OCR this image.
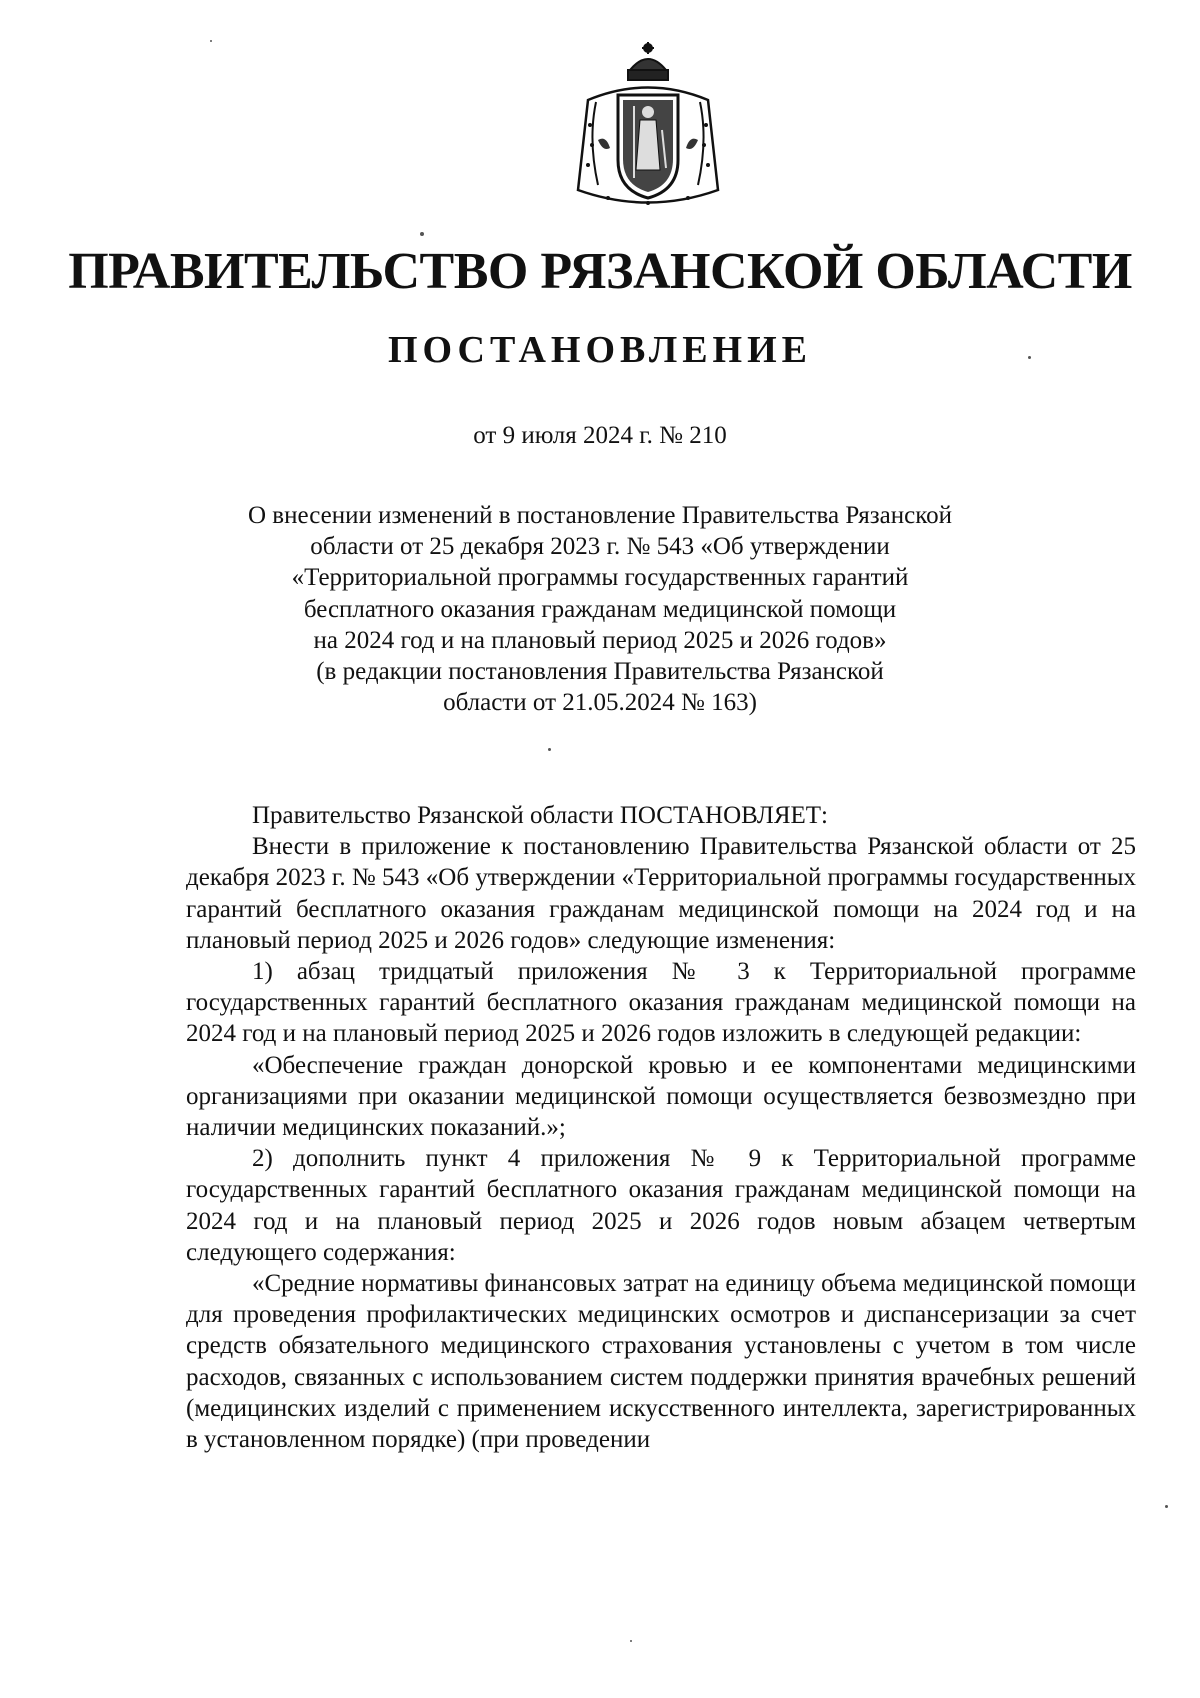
ПРАВИТЕЛЬСТВО РЯЗАНСКОЙ ОБЛАСТИ
ПОСТАНОВЛЕНИЕ
от 9 июля 2024 г. № 210
О внесении изменений в постановление Правительства Рязанской
области от 25 декабря 2023 г. № 543 «Об утверждении
«Территориальной программы государственных гарантий
бесплатного оказания гражданам медицинской помощи
на 2024 год и на плановый период 2025 и 2026 годов»
(в редакции постановления Правительства Рязанской
области от 21.05.2024 № 163)

Правительство Рязанской области ПОСТАНОВЛЯЕТ:

Внести в приложение к постановлению Правительства Рязанской области от 25 декабря 2023 г. № 543 «Об утверждении «Территориальной программы государственных гарантий бесплатного оказания гражданам медицинской помощи на 2024 год и на плановый период 2025 и 2026 годов» следующие изменения:

1) абзац тридцатый приложения № 3 к Территориальной программе государственных гарантий бесплатного оказания гражданам медицинской помощи на 2024 год и на плановый период 2025 и 2026 годов изложить в следующей редакции:

«Обеспечение граждан донорской кровью и ее компонентами медицинскими организациями при оказании медицинской помощи осуществляется безвозмездно при наличии медицинских показаний.»;

2) дополнить пункт 4 приложения № 9 к Территориальной программе государственных гарантий бесплатного оказания гражданам медицинской помощи на 2024 год и на плановый период 2025 и 2026 годов новым абзацем четвертым следующего содержания:

«Средние нормативы финансовых затрат на единицу объема медицинской помощи для проведения профилактических медицинских осмотров и диспансеризации за счет средств обязательного медицинского страхования установлены с учетом в том числе расходов, связанных с использованием систем поддержки принятия врачебных решений (медицинских изделий с применением искусственного интеллекта, зарегистрированных в установленном порядке) (при проведении
